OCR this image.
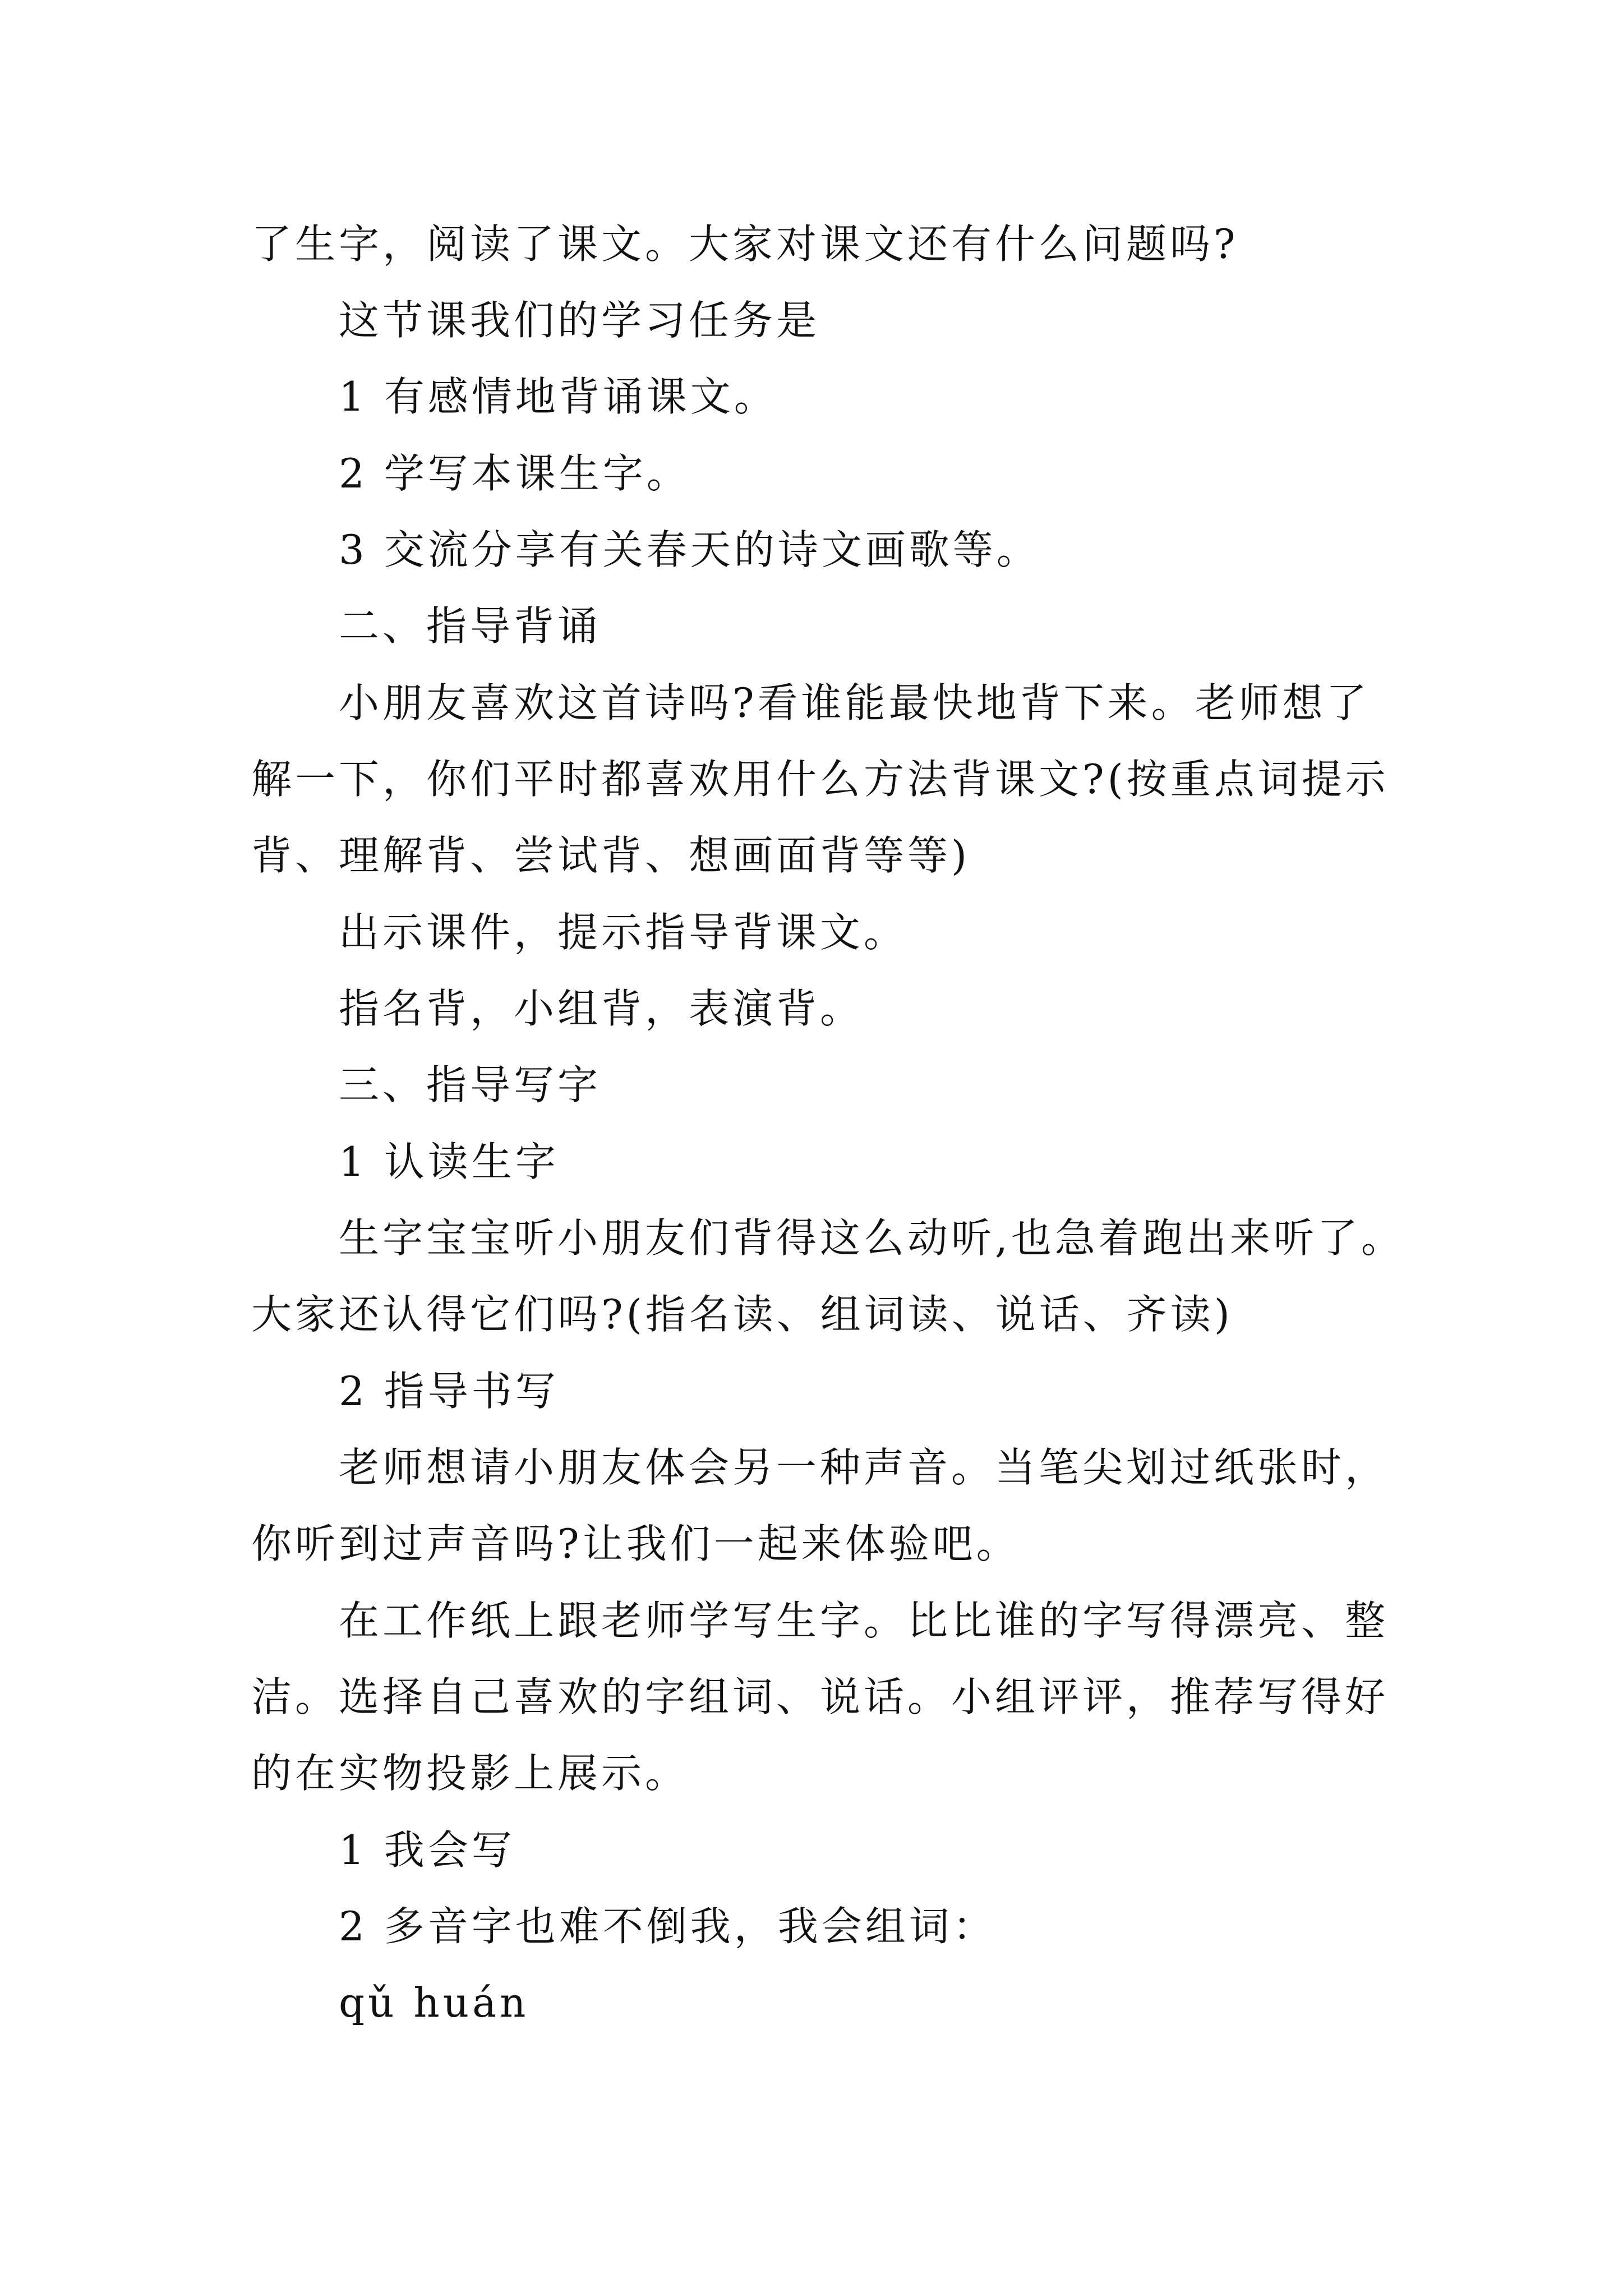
了生字，阅读了课文。大家对课文还有什么问题吗?
这节课我们的学习任务是
1 有感情地背诵课文。
2 学写本课生字。
3 交流分享有关春天的诗文画歌等。
二、指导背诵
小朋友喜欢这首诗吗?看谁能最快地背下来。老师想了
解一下，你们平时都喜欢用什么方法背课文?(按重点词提示
背、理解背、尝试背、想画面背等等)
出示课件，提示指导背课文。
指名背，小组背，表演背。
三、指导写字
1 认读生字
生字宝宝听小朋友们背得这么动听,也急着跑出来听了。
大家还认得它们吗?(指名读、组词读、说话、齐读)
2 指导书写
老师想请小朋友体会另一种声音。当笔尖划过纸张时，
你听到过声音吗?让我们一起来体验吧。
在工作纸上跟老师学写生字。比比谁的字写得漂亮、整
洁。选择自己喜欢的字组词、说话。小组评评，推荐写得好
的在实物投影上展示。
1 我会写
2 多音字也难不倒我，我会组词：
qǔ huán
